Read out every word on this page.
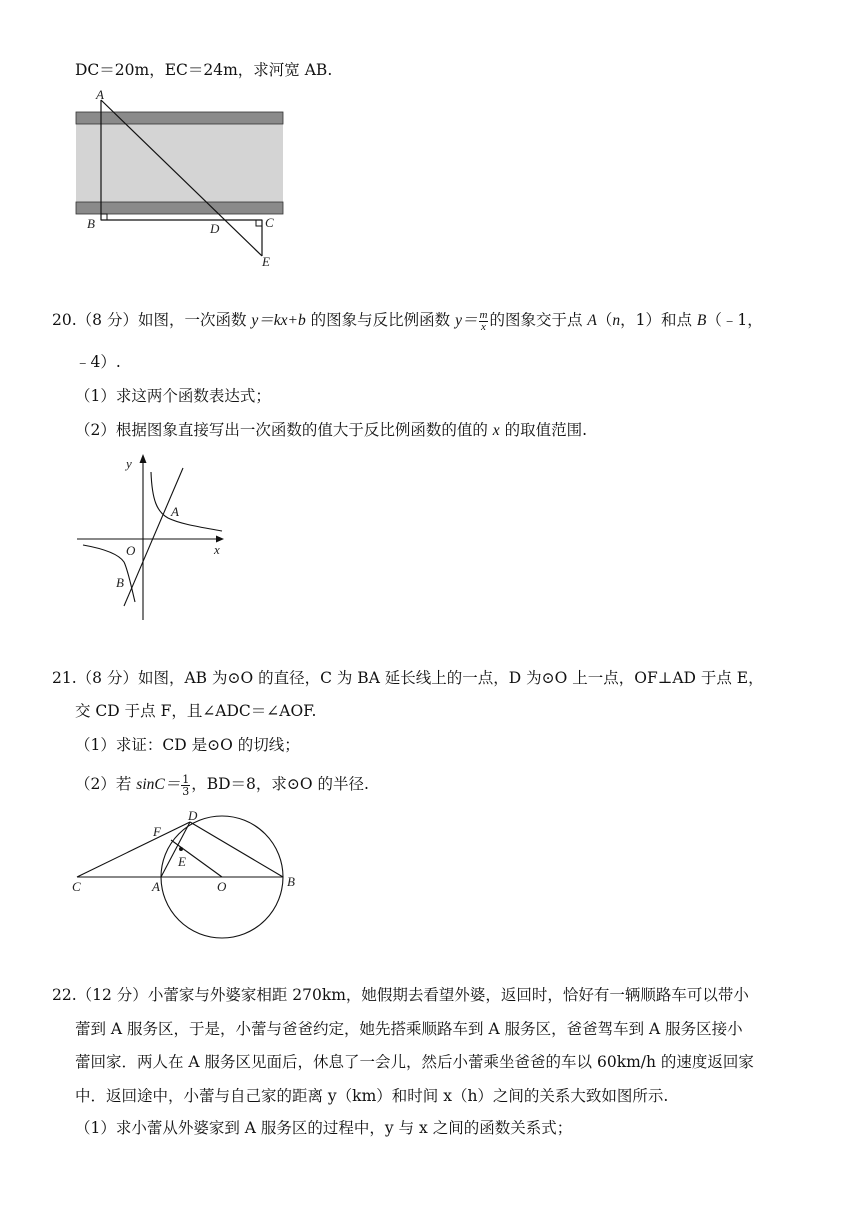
DC＝20m，EC＝24m，求河宽 AB.
A
B	C
D
E
20.（8 分）如图，一次函数 y＝kx+b 的图象与反比例函数 $y= \frac{m}{x}$ 的图象交于点 A（n，1）和点 B（﹣1，
﹣4）.
（1）求这两个函数表达式；
（2）根据图象直接写出一次函数的值大于反比例函数的值的 x 的取值范围.
y
x
O
A
B
21.（8 分）如图，AB 为⊙O 的直径，C 为 BA 延长线上的一点，D 为⊙O 上一点，OF⊥AD 于点 E，
交 CD 于点 F，且∠ADC＝∠AOF.
（1）求证：CD 是⊙O 的切线；
（2）若 $\sin C= \frac{1}{3}$ ，BD＝8，求⊙O 的半径.
C	A	O	B
D
F
E
22.（12 分）小蕾家与外婆家相距 270km，她假期去看望外婆，返回时，恰好有一辆顺路车可以带小
蕾到 A 服务区，于是，小蕾与爸爸约定，她先搭乘顺路车到 A 服务区，爸爸驾车到 A 服务区接小
蕾回家．两人在 A 服务区见面后，休息了一会儿，然后小蕾乘坐爸爸的车以 60km/h 的速度返回家
中．返回途中，小蕾与自己家的距离 y（km）和时间 x（h）之间的关系大致如图所示.
（1）求小蕾从外婆家到 A 服务区的过程中，y 与 x 之间的函数关系式；
